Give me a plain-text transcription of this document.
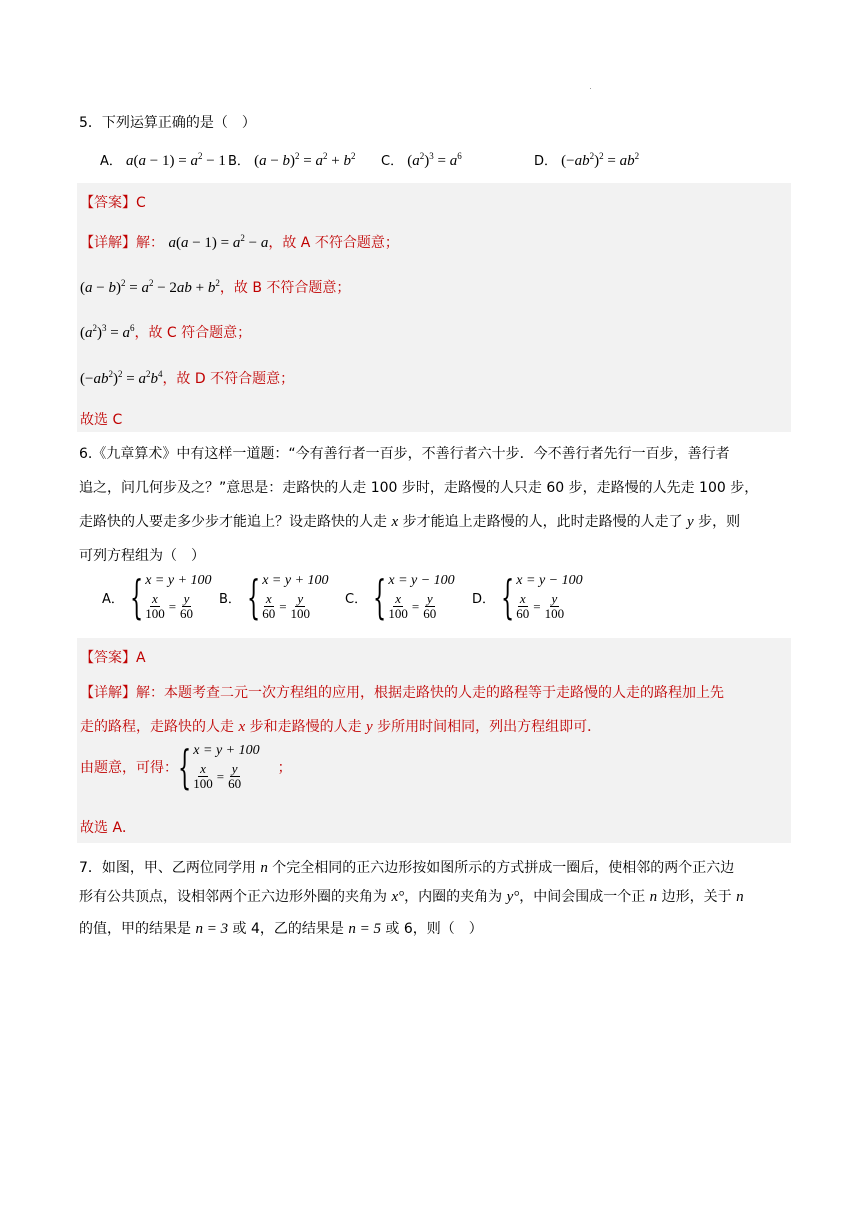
5．下列运算正确的是（　）
A． $a(a - 1) = a^2 - 1$ B． $(a - b)^2 = a^2 + b^2$ C． $(a^2)^3 = a^6$	D． $(-ab^2)^2 = ab^2$
【答案】C
【详解】解： $a(a - 1) = a^2 - a$，故 A 不符合题意；
$(a - b)^2 = a^2 - 2ab + b^2$，故 B 不符合题意；
$(a^2)^3 = a^6$，故 C 符合题意；
$(-ab^2)^2 = a^2b^4$，故 D 不符合题意；
故选 C
6.《九章算术》中有这样一道题：“今有善行者一百步，不善行者六十步．今不善行者先行一百步，善行者
追之，问几何步及之？”意思是：走路快的人走 100 步时，走路慢的人只走 60 步，走路慢的人先走 100 步，
走路快的人要走多少步才能追上？设走路快的人走 x 步才能追上走路慢的人，此时走路慢的人走了 y 步，则
可列方程组为（　）
A． { x = y + 100
$\frac{x}{100} = \frac{y}{60}$ B． { x = y + 100
$\frac{x}{60} = \frac{y}{100}$	C． { x = y − 100
$\frac{x}{100} = \frac{y}{60}$	D． { x = y − 100
$\frac{x}{60} = \frac{y}{100}$
【答案】A
【详解】解：本题考查二元一次方程组的应用，根据走路快的人走的路程等于走路慢的人走的路程加上先
走的路程，走路快的人走 x 步和走路慢的人走 y 步所用时间相同，列出方程组即可．
由题意，可得： { x = y + 100
$\frac{x}{100} = \frac{y}{60}$	；
故选 A．
7．如图，甲、乙两位同学用 n 个完全相同的正六边形按如图所示的方式拼成一圈后，使相邻的两个正六边
形有公共顶点，设相邻两个正六边形外圈的夹角为 x°，内圈的夹角为 y°，中间会围成一个正 n 边形，关于 n
的值，甲的结果是 n = 3 或 4，乙的结果是 n = 5 或 6，则（　）
